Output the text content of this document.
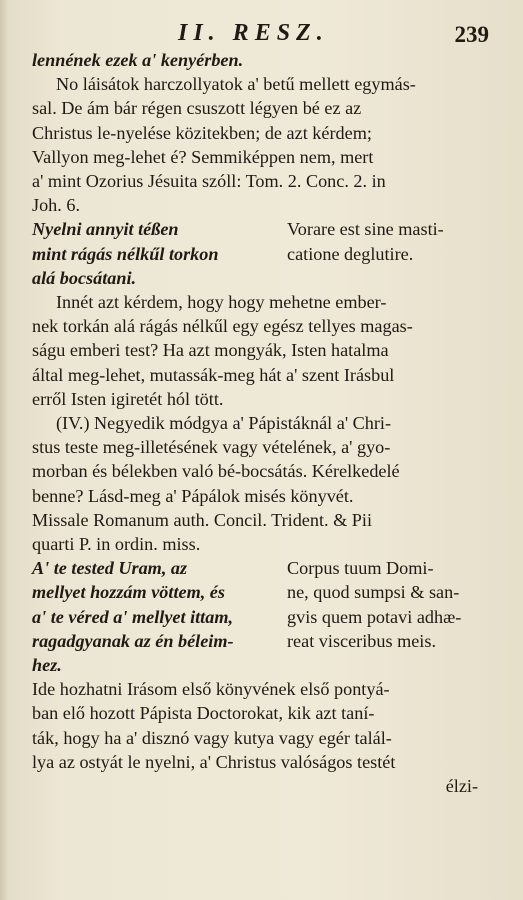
II. RESZ.	239
lennének ezek a' kenyérben.
No láisátok harczollyatok a' betű mellett egymás-
sal. De ám bár régen csuszott légyen bé ez az
Christus le-nyelése közitekben; de azt kérdem;
Vallyon meg-lehet é? Semmiképpen nem, mert
a' mint Ozorius Jésuita szóll: Tom. 2. Conc. 2. in
Joh. 6.
Nyelni annyit téßen	Vorare est sine masti-
mint rágás nélkűl torkon	catione deglutire.
alá bocsátani.
Innét azt kérdem, hogy hogy mehetne ember-
nek torkán alá rágás nélkűl egy egész tellyes magas-
ságu emberi test? Ha azt mongyák, Isten hatalma
által meg-lehet, mutassák-meg hát a' szent Irásbul
erről Isten igiretét hól tött.
(IV.) Negyedik módgya a' Pápistáknál a' Chri-
stus teste meg-illetésének vagy vételének, a' gyo-
morban és bélekben való bé-bocsátás. Kérelkedelé
benne? Lásd-meg a' Pápálok misés könyvét.
Missale Romanum auth. Concil. Trident. & Pii
quarti P. in ordin. miss.
A' te tested Uram, az	Corpus tuum Domi-
mellyet hozzám vöttem, és	ne, quod sumpsi & san-
a' te véred a' mellyet ittam,	gvis quem potavi adhæ-
ragadgyanak az én béleim-	reat visceribus meis.
hez.
Ide hozhatni Irásom első könyvének első pontyá-
ban elő hozott Pápista Doctorokat, kik azt taní-
ták, hogy ha a' disznó vagy kutya vagy egér talál-
lya az ostyát le nyelni, a' Christus valóságos testét
élzi-
